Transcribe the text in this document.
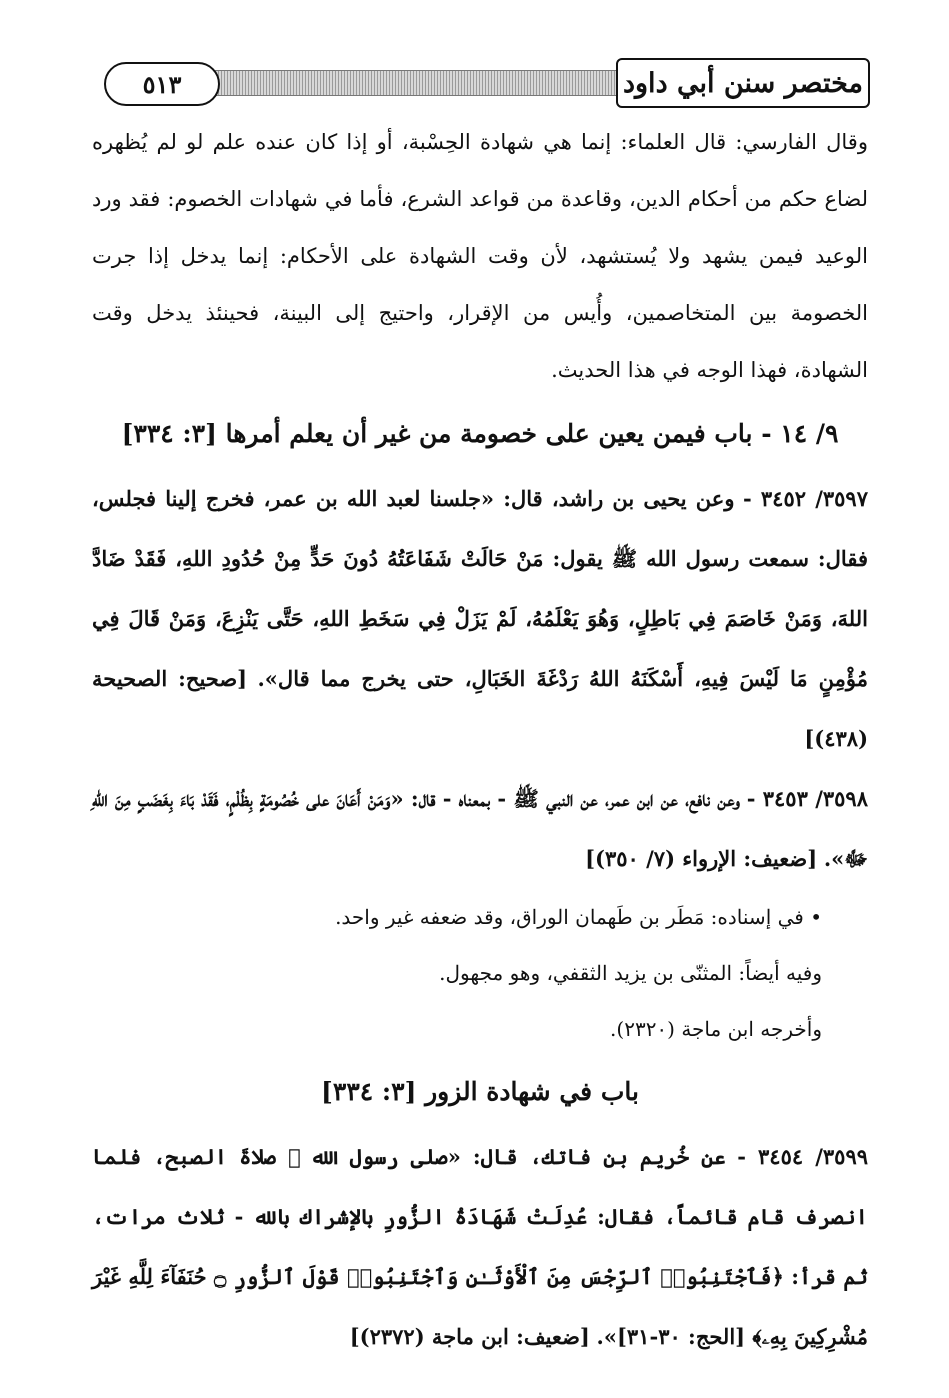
٥١٣	مختصر سنن أبي داود

وقال الفارسي: قال العلماء: إنما هي شهادة الحِسْبة، أو إذا كان عنده علم لو لم يُظهره لضاع حكم من أحكام الدين، وقاعدة من قواعد الشرع، فأما في شهادات الخصوم: فقد ورد الوعيد فيمن يشهد ولا يُستشهد، لأن وقت الشهادة على الأحكام: إنما يدخل إذا جرت الخصومة بين المتخاصمين، وأُيس من الإقرار، واحتيج إلى البينة، فحينئذ يدخل وقت الشهادة، فهذا الوجه في هذا الحديث.

٩/ ١٤ - باب فيمن يعين على خصومة من غير أن يعلم أمرها [٣: ٣٣٤]

٣٥٩٧/ ٣٤٥٢ - وعن يحيى بن راشد، قال: «جلسنا لعبد الله بن عمر، فخرج إلينا فجلس، فقال: سمعت رسول الله ﷺ يقول: مَنْ حَالَتْ شَفَاعَتُهُ دُونَ حَدٍّ مِنْ حُدُودِ اللهِ، فَقَدْ ضَادَّ اللهَ، وَمَنْ خَاصَمَ فِي بَاطِلٍ، وَهُوَ يَعْلَمُهُ، لَمْ يَزَلْ فِي سَخَطِ اللهِ، حَتَّى يَنْزِعَ، وَمَنْ قَالَ فِي مُؤْمِنٍ مَا لَيْسَ فِيهِ، أَسْكَنَهُ اللهُ رَدْغَةَ الخَبَالِ، حتى يخرج مما قال». [صحيح: الصحيحة (٤٣٨)]

٣٥٩٨/ ٣٤٥٣ - وعن نافع، عن ابن عمر، عن النبي ﷺ - بمعناه - قال: «وَمَنْ أَعَانَ على خُصُومَةٍ بِظُلْمٍ، فَقَدْ بَاءَ بِغَضَبٍ مِنَ اللهِ ﷻ». [ضعيف: الإرواء (٧/ ٣٥٠)]

• في إسناده: مَطَر بن طَهمان الوراق، وقد ضعفه غير واحد.

وفيه أيضاً: المثنّى بن يزيد الثقفي، وهو مجهول.

وأخرجه ابن ماجة (٢٣٢٠).

باب في شهادة الزور [٣: ٣٣٤]

٣٥٩٩/ ٣٤٥٤ - عن خُريم بن فاتك، قال: «صلى رسول الله ﷺ صلاةَ الصبح، فلما انصرف قام قائماً، فقال: عُدِلَتْ شَهَادَةُ الزُّورِ بالإشراك بالله - ثلاث مرات، ثم قرأ: ﴿فَٱجْتَنِبُوا۟ ٱلرِّجْسَ مِنَ ٱلْأَوْثَـٰنِ وَٱجْتَنِبُوا۟ قَوْلَ ٱلزُّورِ ۝ حُنَفَآءَ لِلَّهِ غَيْرَ مُشْرِكِينَ بِهِۦ﴾ [الحج: ٣٠-٣١]». [ضعيف: ابن ماجة (٢٣٧٢)]
